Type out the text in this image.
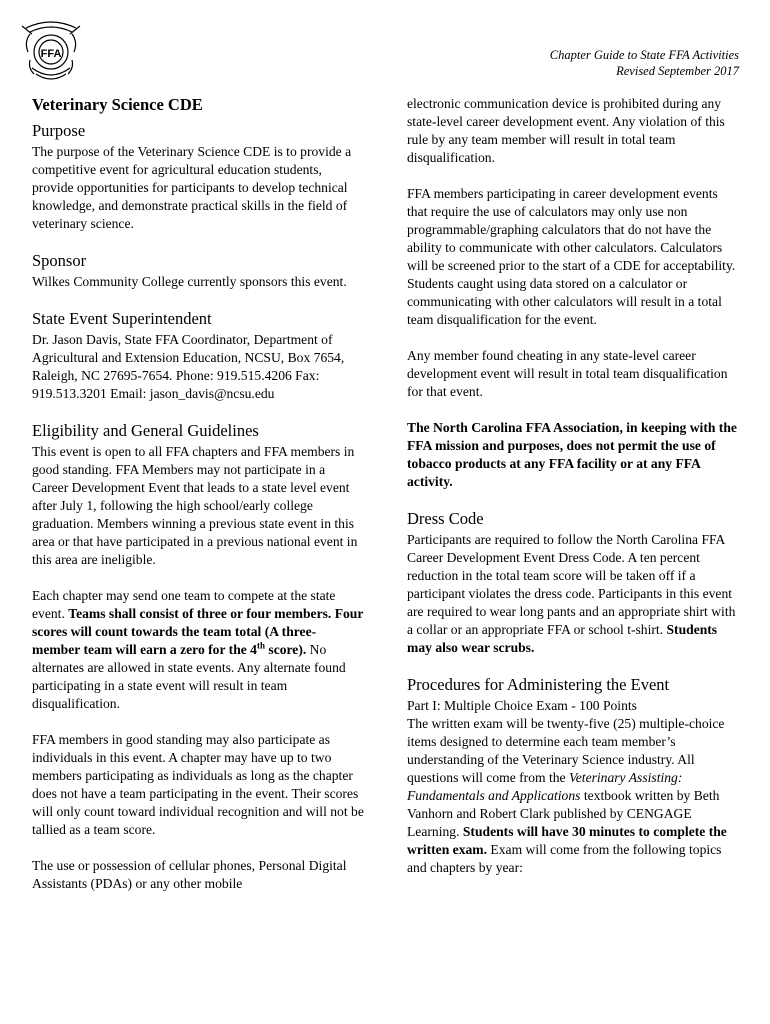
FFA	Chapter Guide to State FFA Activities
Revised September 2017
Veterinary Science CDE
Purpose

The purpose of the Veterinary Science CDE is to provide a competitive event for agricultural education students, provide opportunities for participants to develop technical knowledge, and demonstrate practical skills in the field of veterinary science.

Sponsor

Wilkes Community College currently sponsors this event.

State Event Superintendent

Dr. Jason Davis, State FFA Coordinator, Department of Agricultural and Extension Education, NCSU, Box 7654, Raleigh, NC 27695-7654. Phone: 919.515.4206 Fax: 919.513.3201 Email: jason_davis@ncsu.edu

Eligibility and General Guidelines

This event is open to all FFA chapters and FFA members in good standing. FFA Members may not participate in a Career Development Event that leads to a state level event after July 1, following the high school/early college graduation. Members winning a previous state event in this area or that have participated in a previous national event in this area are ineligible.

Each chapter may send one team to compete at the state event. Teams shall consist of three or four members. Four scores will count towards the team total (A three-member team will earn a zero for the 4th score). No alternates are allowed in state events. Any alternate found participating in a state event will result in team disqualification.

FFA members in good standing may also participate as individuals in this event. A chapter may have up to two members participating as individuals as long as the chapter does not have a team participating in the event. Their scores will only count toward individual recognition and will not be tallied as a team score.

The use or possession of cellular phones, Personal Digital Assistants (PDAs) or any other mobile

electronic communication device is prohibited during any state-level career development event. Any violation of this rule by any team member will result in total team disqualification.

FFA members participating in career development events that require the use of calculators may only use non programmable/graphing calculators that do not have the ability to communicate with other calculators. Calculators will be screened prior to the start of a CDE for acceptability. Students caught using data stored on a calculator or communicating with other calculators will result in a total team disqualification for the event.

Any member found cheating in any state-level career development event will result in total team disqualification for that event.

The North Carolina FFA Association, in keeping with the FFA mission and purposes, does not permit the use of tobacco products at any FFA facility or at any FFA activity.

Dress Code

Participants are required to follow the North Carolina FFA Career Development Event Dress Code. A ten percent reduction in the total team score will be taken off if a participant violates the dress code. Participants in this event are required to wear long pants and an appropriate shirt with a collar or an appropriate FFA or school t-shirt. Students may also wear scrubs.

Procedures for Administering the Event
Part I: Multiple Choice Exam - 100 Points

The written exam will be twenty-five (25) multiple-choice items designed to determine each team member’s understanding of the Veterinary Science industry. All questions will come from the Veterinary Assisting: Fundamentals and Applications textbook written by Beth Vanhorn and Robert Clark published by CENGAGE Learning. Students will have 30 minutes to complete the written exam. Exam will come from the following topics and chapters by year:
